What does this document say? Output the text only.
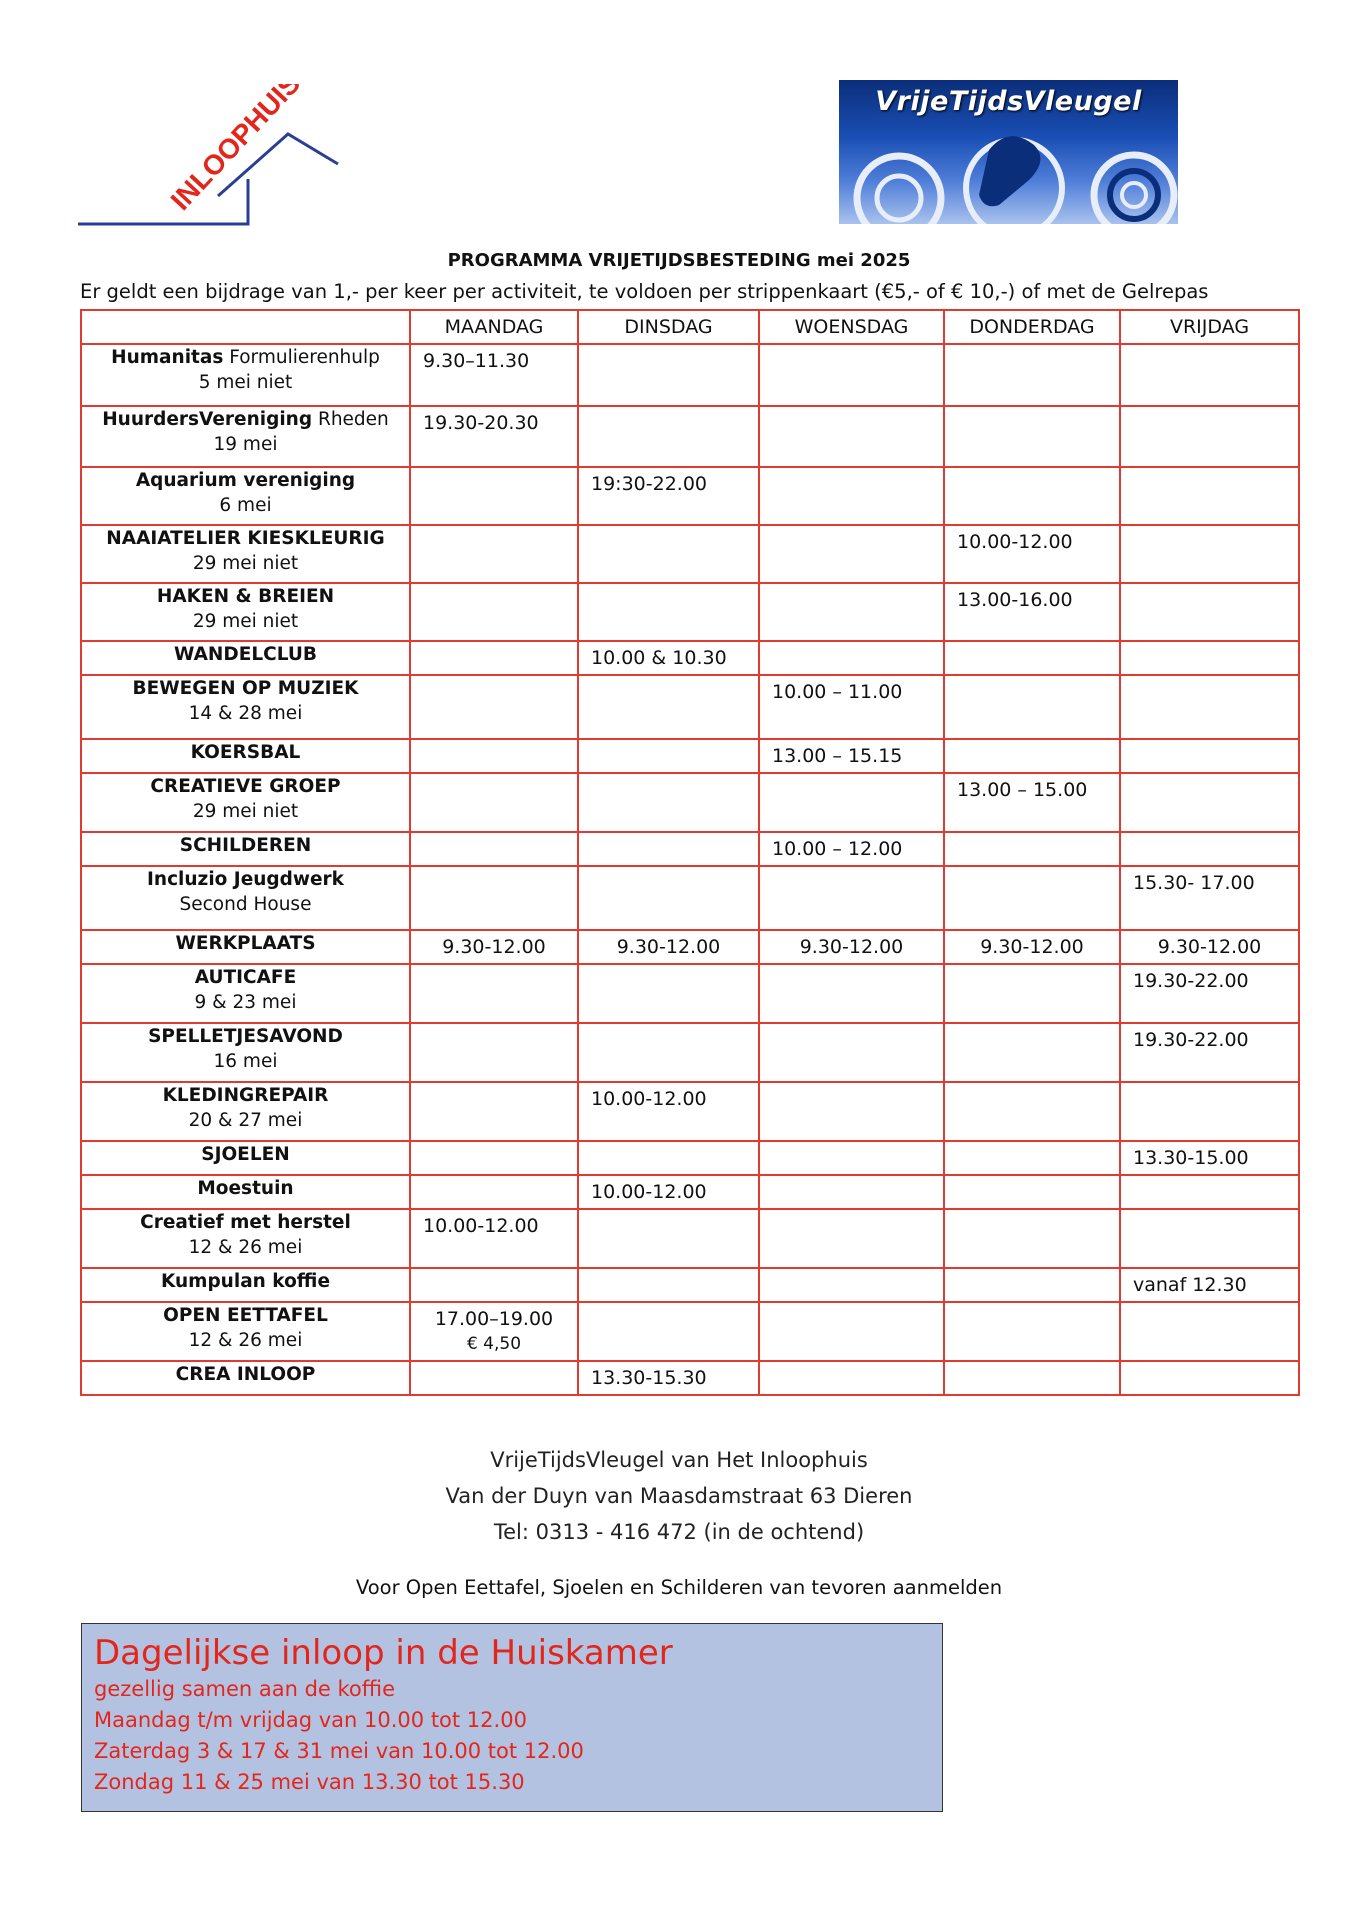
INLOOPHUIS	VrijeTijdsVleugel
PROGRAMMA VRIJETIJDSBESTEDING mei 2025
Er geldt een bijdrage van 1,- per keer per activiteit, te voldoen per strippenkaart (€5,- of € 10,-) of met de Gelrepas
	MAANDAG	DINSDAG	WOENSDAG	DONDERDAG	VRIJDAG

Humanitas Formulierenhulp
5 mei niet	9.30–11.30				

HuurdersVereniging Rheden
19 mei	19.30-20.30				

Aquarium vereniging
6 mei		19:30-22.00			

NAAIATELIER KIESKLEURIG
29 mei niet				10.00-12.00	

HAKEN & BREIEN
29 mei niet				13.00-16.00	

WANDELCLUB		10.00 & 10.30			

BEWEGEN OP MUZIEK
14 & 28 mei			10.00 – 11.00		

KOERSBAL			13.00 – 15.15		

CREATIEVE GROEP
29 mei niet				13.00 – 15.00	

SCHILDEREN			10.00 – 12.00		

Incluzio Jeugdwerk
Second House					15.30- 17.00

WERKPLAATS	9.30-12.00	9.30-12.00	9.30-12.00	9.30-12.00	9.30-12.00

AUTICAFE
9 & 23 mei					19.30-22.00

SPELLETJESAVOND
16 mei					19.30-22.00

KLEDINGREPAIR
20 & 27 mei		10.00-12.00			

SJOELEN					13.30-15.00

Moestuin		10.00-12.00			

Creatief met herstel
12 & 26 mei	10.00-12.00				

Kumpulan koffie					vanaf 12.30

OPEN EETTAFEL
12 & 26 mei	17.00–19.00
€ 4,50				

CREA INLOOP		13.30-15.30			
VrijeTijdsVleugel van Het Inloophuis
Van der Duyn van Maasdamstraat 63 Dieren
Tel: 0313 - 416 472 (in de ochtend)
Voor Open Eettafel, Sjoelen en Schilderen van tevoren aanmelden
Dagelijkse inloop in de Huiskamer
gezellig samen aan de koffie
Maandag t/m vrijdag van 10.00 tot 12.00
Zaterdag 3 & 17 & 31 mei van 10.00 tot 12.00
Zondag 11 & 25 mei van 13.30 tot 15.30
